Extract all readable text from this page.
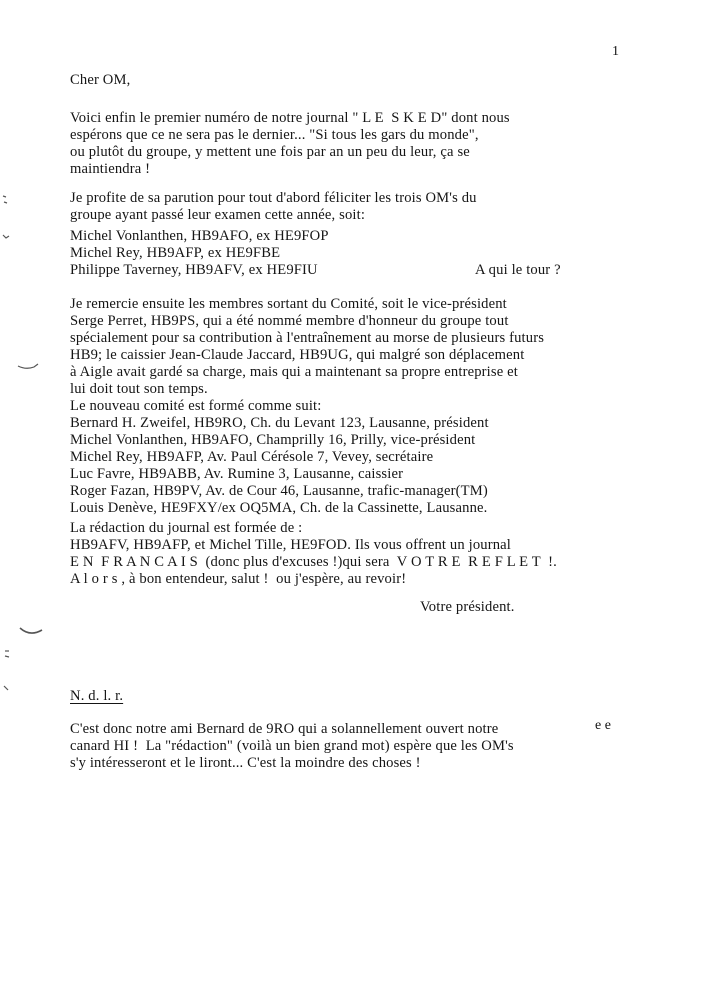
1
Cher OM,
Voici enfin le premier numéro de notre journal " L E  S K E D" dont nous
espérons que ce ne sera pas le dernier... "Si tous les gars du monde",
ou plutôt du groupe, y mettent une fois par an un peu du leur, ça se
maintiendra !
Je profite de sa parution pour tout d'abord féliciter les trois OM's du
groupe ayant passé leur examen cette année, soit:
Michel Vonlanthen, HB9AFO, ex HE9FOP
Michel Rey, HB9AFP, ex HE9FBE
Philippe Taverney, HB9AFV, ex HE9FIU	A qui le tour ?
Je remercie ensuite les membres sortant du Comité, soit le vice-président
Serge Perret, HB9PS, qui a été nommé membre d'honneur du groupe tout
spécialement pour sa contribution à l'entraînement au morse de plusieurs futurs
HB9; le caissier Jean-Claude Jaccard, HB9UG, qui malgré son déplacement
à Aigle avait gardé sa charge, mais qui a maintenant sa propre entreprise et
lui doit tout son temps.
Le nouveau comité est formé comme suit:
Bernard H. Zweifel, HB9RO, Ch. du Levant 123, Lausanne, président
Michel Vonlanthen, HB9AFO, Champrilly 16, Prilly, vice-président
Michel Rey, HB9AFP, Av. Paul Cérésole 7, Vevey, secrétaire
Luc Favre, HB9ABB, Av. Rumine 3, Lausanne, caissier
Roger Fazan, HB9PV, Av. de Cour 46, Lausanne, trafic-manager(TM)
Louis Denève, HE9FXY/ex OQ5MA, Ch. de la Cassinette, Lausanne.
La rédaction du journal est formée de :
HB9AFV, HB9AFP, et Michel Tille, HE9FOD. Ils vous offrent un journal
E N  F R A N C A I S  (donc plus d'excuses !)qui sera  V O T R E  R E F L E T  !.
A l o r s , à bon entendeur, salut !  ou j'espère, au revoir!
Votre président.
N. d. l. r.
C'est donc notre ami Bernard de 9RO qui a solannellement ouvert notre	e e
canard HI !  La "rédaction" (voilà un bien grand mot) espère que les OM's
s'y intéresseront et le liront... C'est la moindre des choses !
